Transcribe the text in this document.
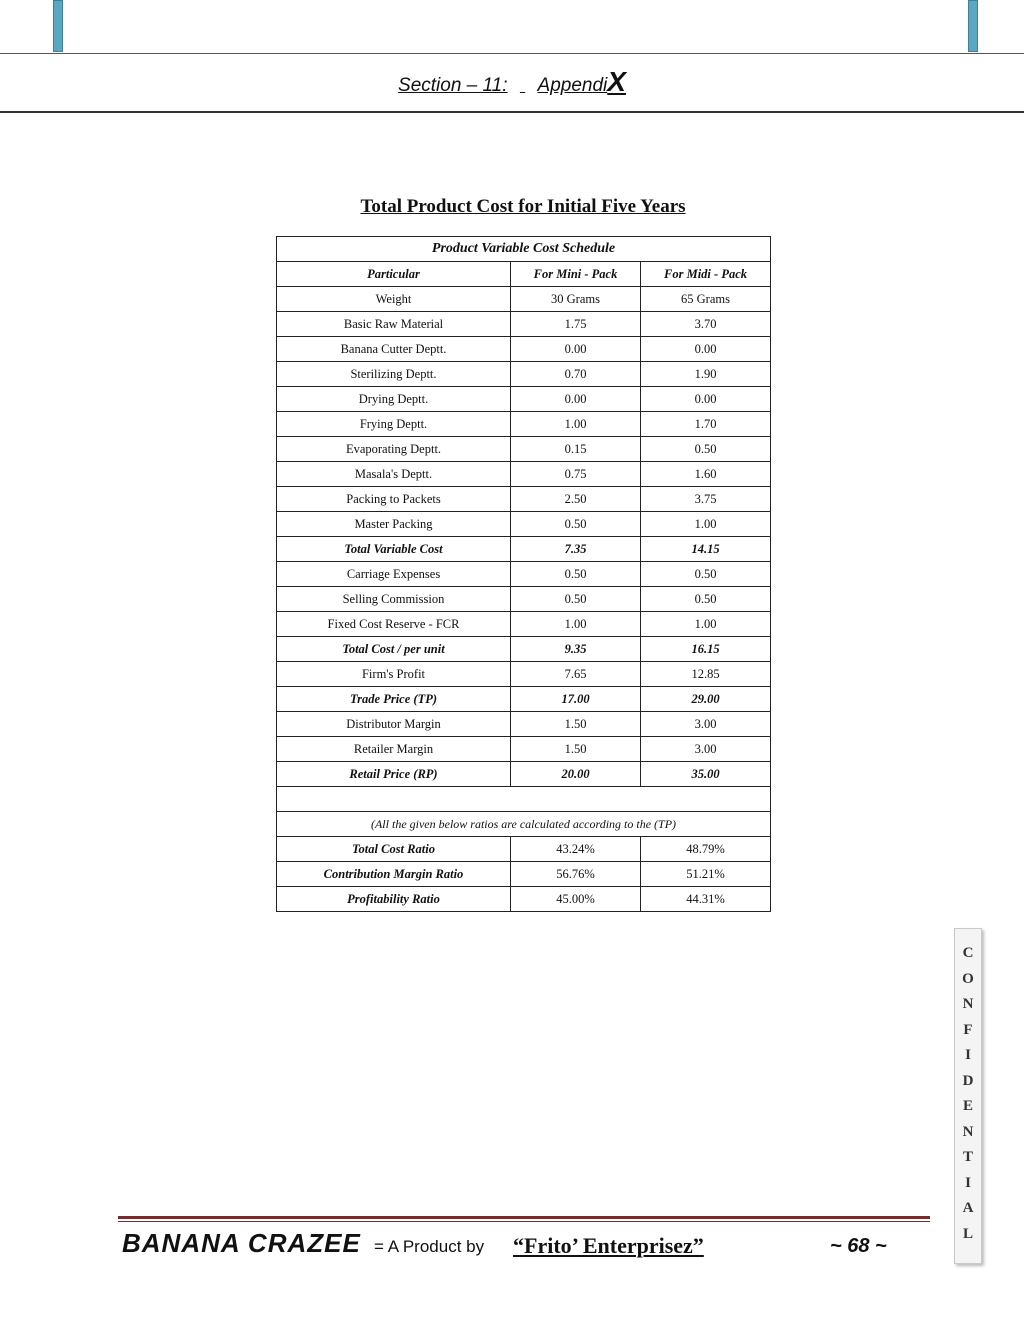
Section – 11: AppendiX
Total Product Cost for Initial Five Years
Product Variable Cost Schedule		
Particular	For Mini - Pack	For Midi - Pack
Weight	30 Grams	65 Grams
Basic Raw Material	1.75	3.70
Banana Cutter Deptt.	0.00	0.00
Sterilizing Deptt.	0.70	1.90
Drying Deptt.	0.00	0.00
Frying Deptt.	1.00	1.70
Evaporating Deptt.	0.15	0.50
Masala's Deptt.	0.75	1.60
Packing to Packets	2.50	3.75
Master Packing	0.50	1.00
Total Variable Cost	7.35	14.15
Carriage Expenses	0.50	0.50
Selling Commission	0.50	0.50
Fixed Cost Reserve - FCR	1.00	1.00
Total Cost / per unit	9.35	16.15
Firm's Profit	7.65	12.85
Trade Price (TP)	17.00	29.00
Distributor Margin	1.50	3.00
Retailer Margin	1.50	3.00
Retail Price (RP)	20.00	35.00

(All the given below ratios are calculated according to the (TP)		
Total Cost Ratio	43.24%	48.79%
Contribution Margin Ratio	56.76%	51.21%
Profitability Ratio	45.00%	44.31%
C
O
N
F
I
D
E
N
T
I
A
L
BANANA CRAZEE = A Product by “Frito’ Enterprisez”	~ 68 ~
